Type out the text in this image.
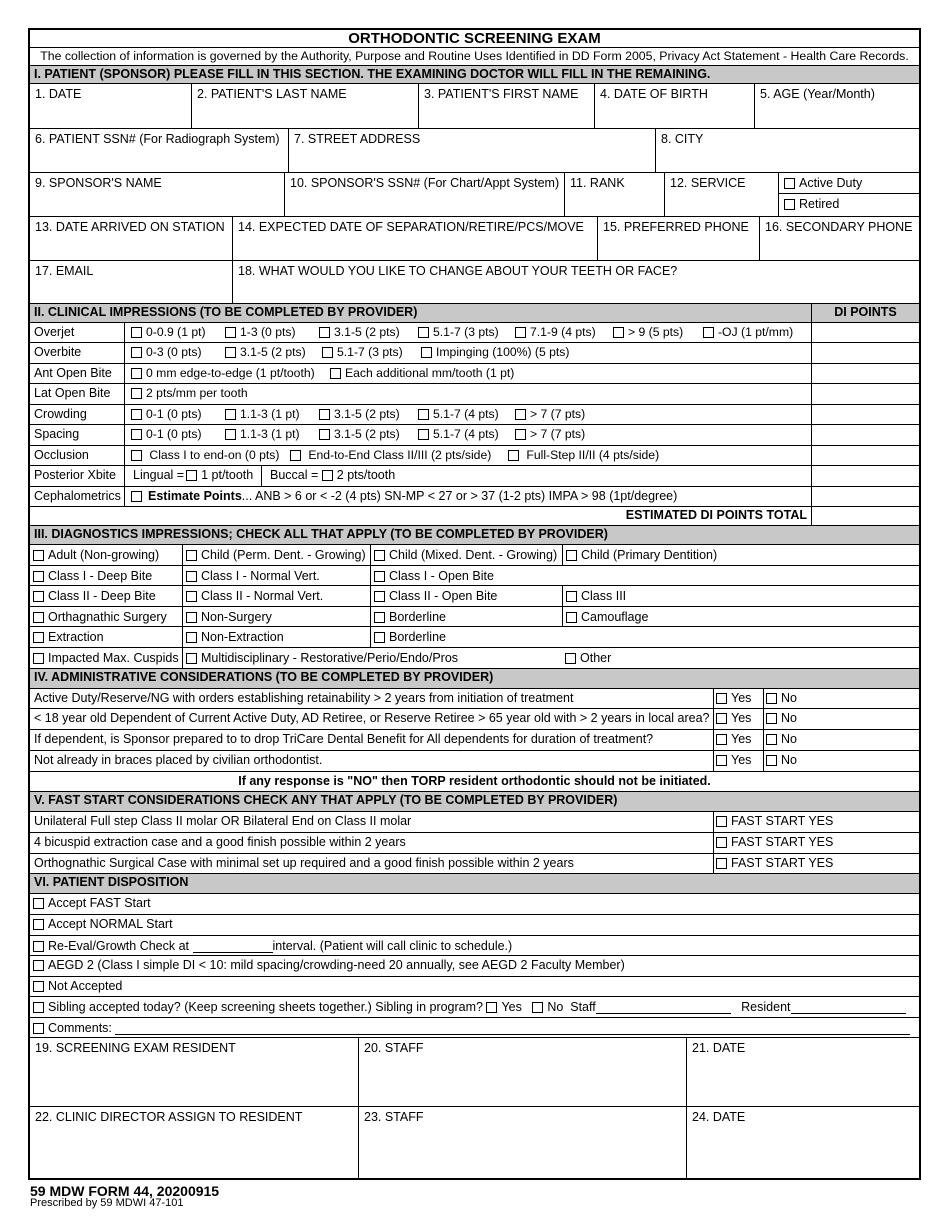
ORTHODONTIC SCREENING EXAM
The collection of information is governed by the Authority, Purpose and Routine Uses Identified in DD Form 2005, Privacy Act Statement - Health Care Records.
I. PATIENT (SPONSOR) PLEASE FILL IN THIS SECTION. THE EXAMINING DOCTOR WILL FILL IN THE REMAINING.
1. DATE	2. PATIENT'S LAST NAME	3. PATIENT'S FIRST NAME	4. DATE OF BIRTH	5. AGE (Year/Month)
6. PATIENT SSN# (For Radiograph System)	7. STREET ADDRESS	8. CITY
9. SPONSOR'S NAME	10. SPONSOR'S SSN# (For Chart/Appt System) 11. RANK	12. SERVICE	Active Duty
Retired
13. DATE ARRIVED ON STATION	14. EXPECTED DATE OF SEPARATION/RETIRE/PCS/MOVE	15. PREFERRED PHONE	16. SECONDARY PHONE
17. EMAIL	18. WHAT WOULD YOU LIKE TO CHANGE ABOUT YOUR TEETH OR FACE?
II. CLINICAL IMPRESSIONS (TO BE COMPLETED BY PROVIDER)	DI POINTS
Overjet	0-0.9 (1 pt)	1-3 (0 pts)	3.1-5 (2 pts)	5.1-7 (3 pts)	7.1-9 (4 pts)	> 9 (5 pts)	-OJ (1 pt/mm)
Overbite	0-3 (0 pts)	3.1-5 (2 pts)	5.1-7 (3 pts)	Impinging (100%) (5 pts)
Ant Open Bite	0 mm edge-to-edge (1 pt/tooth)	Each additional mm/tooth (1 pt)
Lat Open Bite	2 pts/mm per tooth
Crowding	0-1 (0 pts)	1.1-3 (1 pt)	3.1-5 (2 pts)	5.1-7 (4 pts)	> 7 (7 pts)
Spacing	0-1 (0 pts)	1.1-3 (1 pt)	3.1-5 (2 pts)	5.1-7 (4 pts)	> 7 (7 pts)
Occlusion	Class I to end-on (0 pts)	End-to-End Class II/III (2 pts/side)	Full-Step II/II (4 pts/side)
Posterior Xbite	Lingual = 1 pt/tooth	Buccal = 2 pts/tooth
Cephalometrics	Estimate Points... ANB > 6 or < -2 (4 pts) SN-MP < 27 or > 37 (1-2 pts) IMPA > 98 (1pt/degree)
ESTIMATED DI POINTS TOTAL
III. DIAGNOSTICS IMPRESSIONS; CHECK ALL THAT APPLY (TO BE COMPLETED BY PROVIDER)
Adult (Non-growing)	Child (Perm. Dent. - Growing)	Child (Mixed. Dent. - Growing)	Child (Primary Dentition)
Class I - Deep Bite	Class I - Normal Vert.	Class I - Open Bite
Class II - Deep Bite	Class II - Normal Vert.	Class II - Open Bite	Class III
Orthagnathic Surgery	Non-Surgery	Borderline	Camouflage
Extraction	Non-Extraction	Borderline
Impacted Max. Cuspids	Multidisciplinary - Restorative/Perio/Endo/Pros	Other
IV. ADMINISTRATIVE CONSIDERATIONS (TO BE COMPLETED BY PROVIDER)
Active Duty/Reserve/NG with orders establishing retainability > 2 years from initiation of treatment	Yes	No
< 18 year old Dependent of Current Active Duty, AD Retiree, or Reserve Retiree > 65 year old with > 2 years in local area?	Yes	No
If dependent, is Sponsor prepared to to drop TriCare Dental Benefit for All dependents for duration of treatment?	Yes	No
Not already in braces placed by civilian orthodontist.	Yes	No
If any response is "NO" then TORP resident orthodontic should not be initiated.
V. FAST START CONSIDERATIONS CHECK ANY THAT APPLY (TO BE COMPLETED BY PROVIDER)
Unilateral Full step Class II molar OR Bilateral End on Class II molar	FAST START YES
4 bicuspid extraction case and a good finish possible within 2 years	FAST START YES
Orthognathic Surgical Case with minimal set up required and a good finish possible within 2 years	FAST START YES
VI. PATIENT DISPOSITION
Accept FAST Start
Accept NORMAL Start
Re-Eval/Growth Check at	interval. (Patient will call clinic to schedule.)
AEGD 2 (Class I simple DI < 10: mild spacing/crowding-need 20 annually, see AEGD 2 Faculty Member)
Not Accepted
Sibling accepted today? (Keep screening sheets together.) Sibling in program? Yes No Staff	Resident
Comments:
19. SCREENING EXAM RESIDENT	20. STAFF	21. DATE
22. CLINIC DIRECTOR ASSIGN TO RESIDENT	23. STAFF	24. DATE
59 MDW FORM 44, 20200915
Prescribed by 59 MDWI 47-101
